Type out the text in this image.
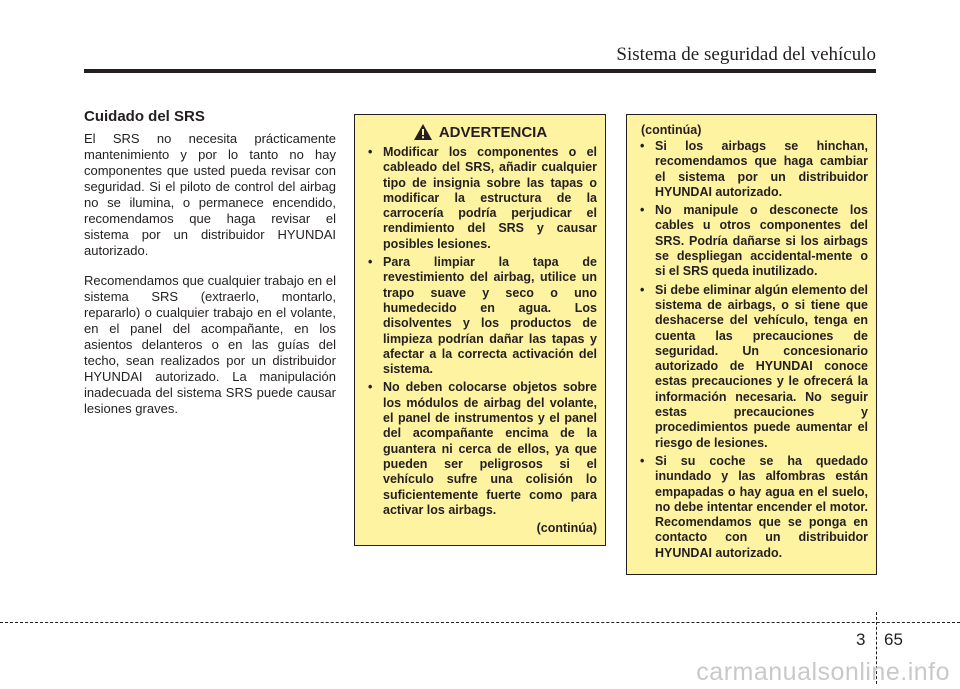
Sistema de seguridad del vehículo
Cuidado del SRS

El SRS no necesita prácticamente mantenimiento y por lo tanto no hay componentes que usted pueda revisar con seguridad. Si el piloto de control del airbag no se ilumina, o permanece encendido, recomendamos que haga revisar el sistema por un distribuidor HYUNDAI autorizado.

Recomendamos que cualquier trabajo en el sistema SRS (extraerlo, montarlo, repararlo) o cualquier trabajo en el volante, en el panel del acompañante, en los asientos delanteros o en las guías del techo, sean realizados por un distribuidor HYUNDAI autorizado. La manipulación inadecuada del sistema SRS puede causar lesiones graves.

ADVERTENCIA
• Modificar los componentes o el cableado del SRS, añadir cualquier tipo de insignia sobre las tapas o modificar la estructura de la carrocería podría perjudicar el rendimiento del SRS y causar posibles lesiones.
• Para limpiar la tapa de revestimiento del airbag, utilice un trapo suave y seco o uno humedecido en agua. Los disolventes y los productos de limpieza podrían dañar las tapas y afectar a la correcta activación del sistema.
• No deben colocarse objetos sobre los módulos de airbag del volante, el panel de instrumentos y el panel del acompañante encima de la guantera ni cerca de ellos, ya que pueden ser peligrosos si el vehículo sufre una colisión lo suficientemente fuerte como para activar los airbags.
(continúa)
(continúa)
• Si los airbags se hinchan, recomendamos que haga cambiar el sistema por un distribuidor HYUNDAI autorizado.
• No manipule o desconecte los cables u otros componentes del SRS. Podría dañarse si los airbags se despliegan accidental-mente o si el SRS queda inutilizado.
• Si debe eliminar algún elemento del sistema de airbags, o si tiene que deshacerse del vehículo, tenga en cuenta las precauciones de seguridad. Un concesionario autorizado de HYUNDAI conoce estas precauciones y le ofrecerá la información necesaria. No seguir estas precauciones y procedimientos puede aumentar el riesgo de lesiones.
• Si su coche se ha quedado inundado y las alfombras están empapadas o hay agua en el suelo, no debe intentar encender el motor. Recomendamos que se ponga en contacto con un distribuidor HYUNDAI autorizado.
3 65
carmanualsonline.info
